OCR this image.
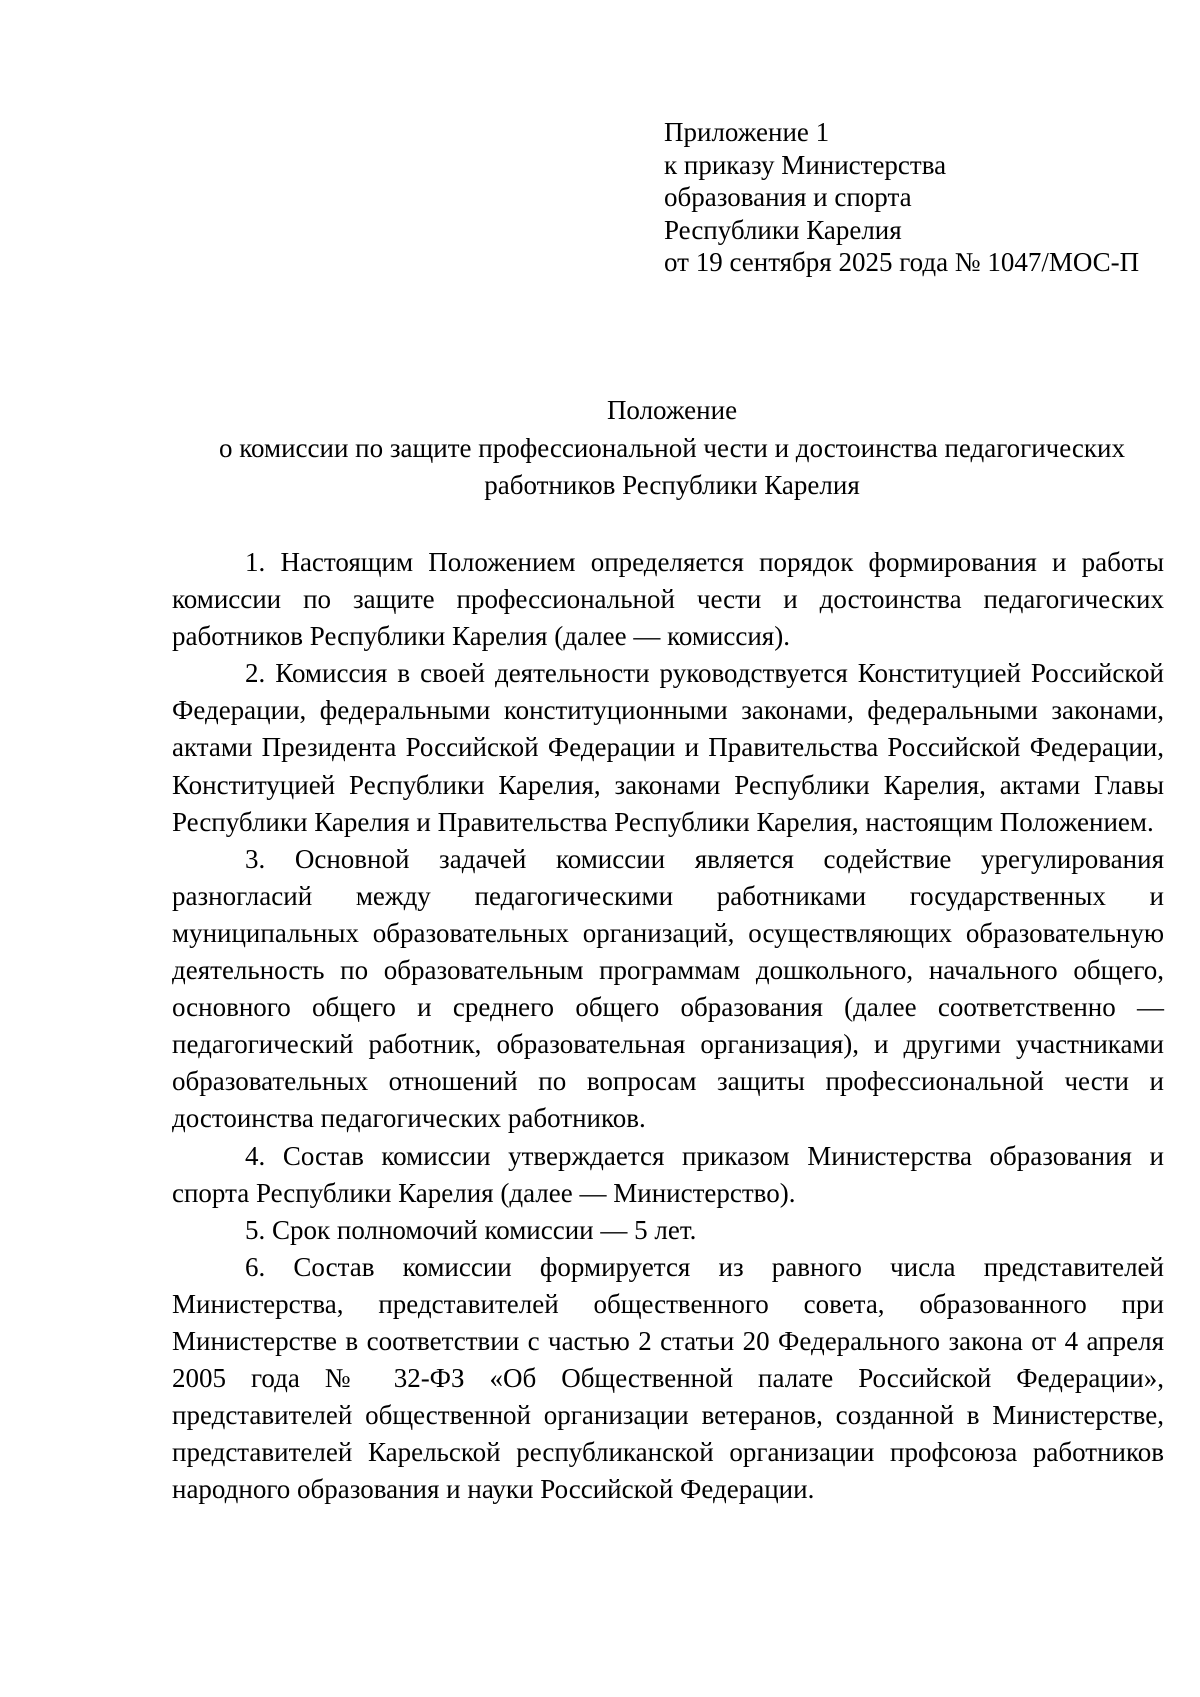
Приложение 1
к приказу Министерства
образования и спорта
Республики Карелия
от 19 сентября 2025 года № 1047/МОС-П
Положение
о комиссии по защите профессиональной чести и достоинства педагогических
работников Республики Карелия

1. Настоящим Положением определяется порядок формирования и работы комиссии по защите профессиональной чести и достоинства педагогических работников Республики Карелия (далее — комиссия).

2. Комиссия в своей деятельности руководствуется Конституцией Российской Федерации, федеральными конституционными законами, федеральными законами, актами Президента Российской Федерации и Правительства Российской Федерации, Конституцией Республики Карелия, законами Республики Карелия, актами Главы Республики Карелия и Правительства Республики Карелия, настоящим Положением.

3. Основной задачей комиссии является содействие урегулирования разногласий между педагогическими работниками государственных и муниципальных образовательных организаций, осуществляющих образовательную деятельность по образовательным программам дошкольного, начального общего, основного общего и среднего общего образования (далее соответственно — педагогический работник, образовательная организация), и другими участниками образовательных отношений по вопросам защиты профессиональной чести и достоинства педагогических работников.

4. Состав комиссии утверждается приказом Министерства образования и спорта Республики Карелия (далее — Министерство).

5. Срок полномочий комиссии — 5 лет.

6. Состав комиссии формируется из равного числа представителей Министерства, представителей общественного совета, образованного при Министерстве в соответствии с частью 2 статьи 20 Федерального закона от 4 апреля 2005 года № 32-ФЗ «Об Общественной палате Российской Федерации», представителей общественной организации ветеранов, созданной в Министерстве, представителей Карельской республиканской организации профсоюза работников народного образования и науки Российской Федерации.
